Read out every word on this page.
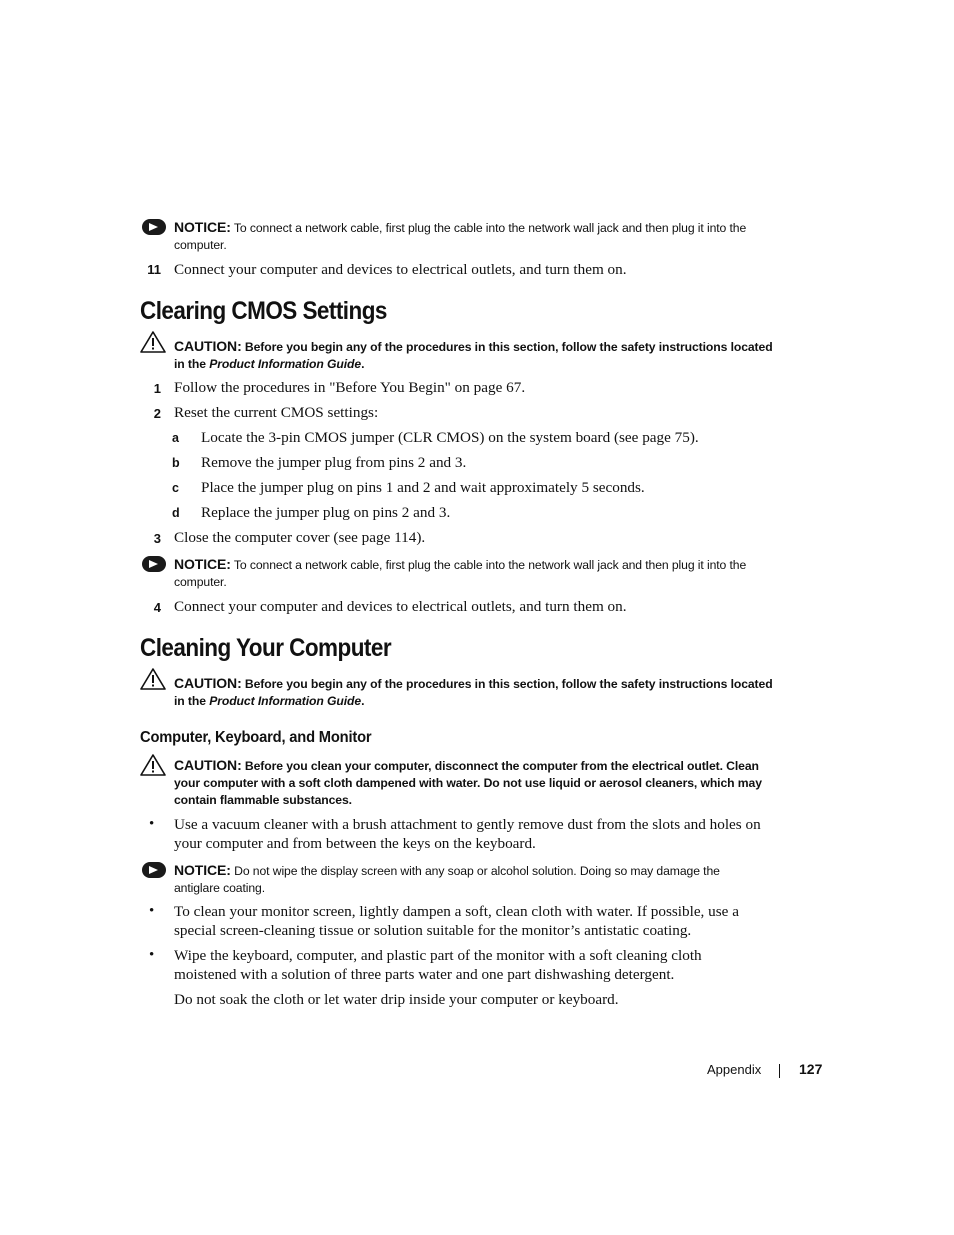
NOTICE: To connect a network cable, first plug the cable into the network wall jack and then plug it into the computer.
11 Connect your computer and devices to electrical outlets, and turn them on.
Clearing CMOS Settings
CAUTION: Before you begin any of the procedures in this section, follow the safety instructions located in the Product Information Guide.
1 Follow the procedures in "Before You Begin" on page 67.
2 Reset the current CMOS settings:
a Locate the 3-pin CMOS jumper (CLR CMOS) on the system board (see page 75).
b Remove the jumper plug from pins 2 and 3.
c Place the jumper plug on pins 1 and 2 and wait approximately 5 seconds.
d Replace the jumper plug on pins 2 and 3.
3 Close the computer cover (see page 114).
NOTICE: To connect a network cable, first plug the cable into the network wall jack and then plug it into the computer.
4 Connect your computer and devices to electrical outlets, and turn them on.
Cleaning Your Computer
CAUTION: Before you begin any of the procedures in this section, follow the safety instructions located in the Product Information Guide.
Computer, Keyboard, and Monitor
CAUTION: Before you clean your computer, disconnect the computer from the electrical outlet. Clean your computer with a soft cloth dampened with water. Do not use liquid or aerosol cleaners, which may contain flammable substances.
• Use a vacuum cleaner with a brush attachment to gently remove dust from the slots and holes on your computer and from between the keys on the keyboard.
NOTICE: Do not wipe the display screen with any soap or alcohol solution. Doing so may damage the antiglare coating.
• To clean your monitor screen, lightly dampen a soft, clean cloth with water. If possible, use a special screen-cleaning tissue or solution suitable for the monitor’s antistatic coating.
• Wipe the keyboard, computer, and plastic part of the monitor with a soft cleaning cloth moistened with a solution of three parts water and one part dishwashing detergent.
Do not soak the cloth or let water drip inside your computer or keyboard.
Appendix	127
